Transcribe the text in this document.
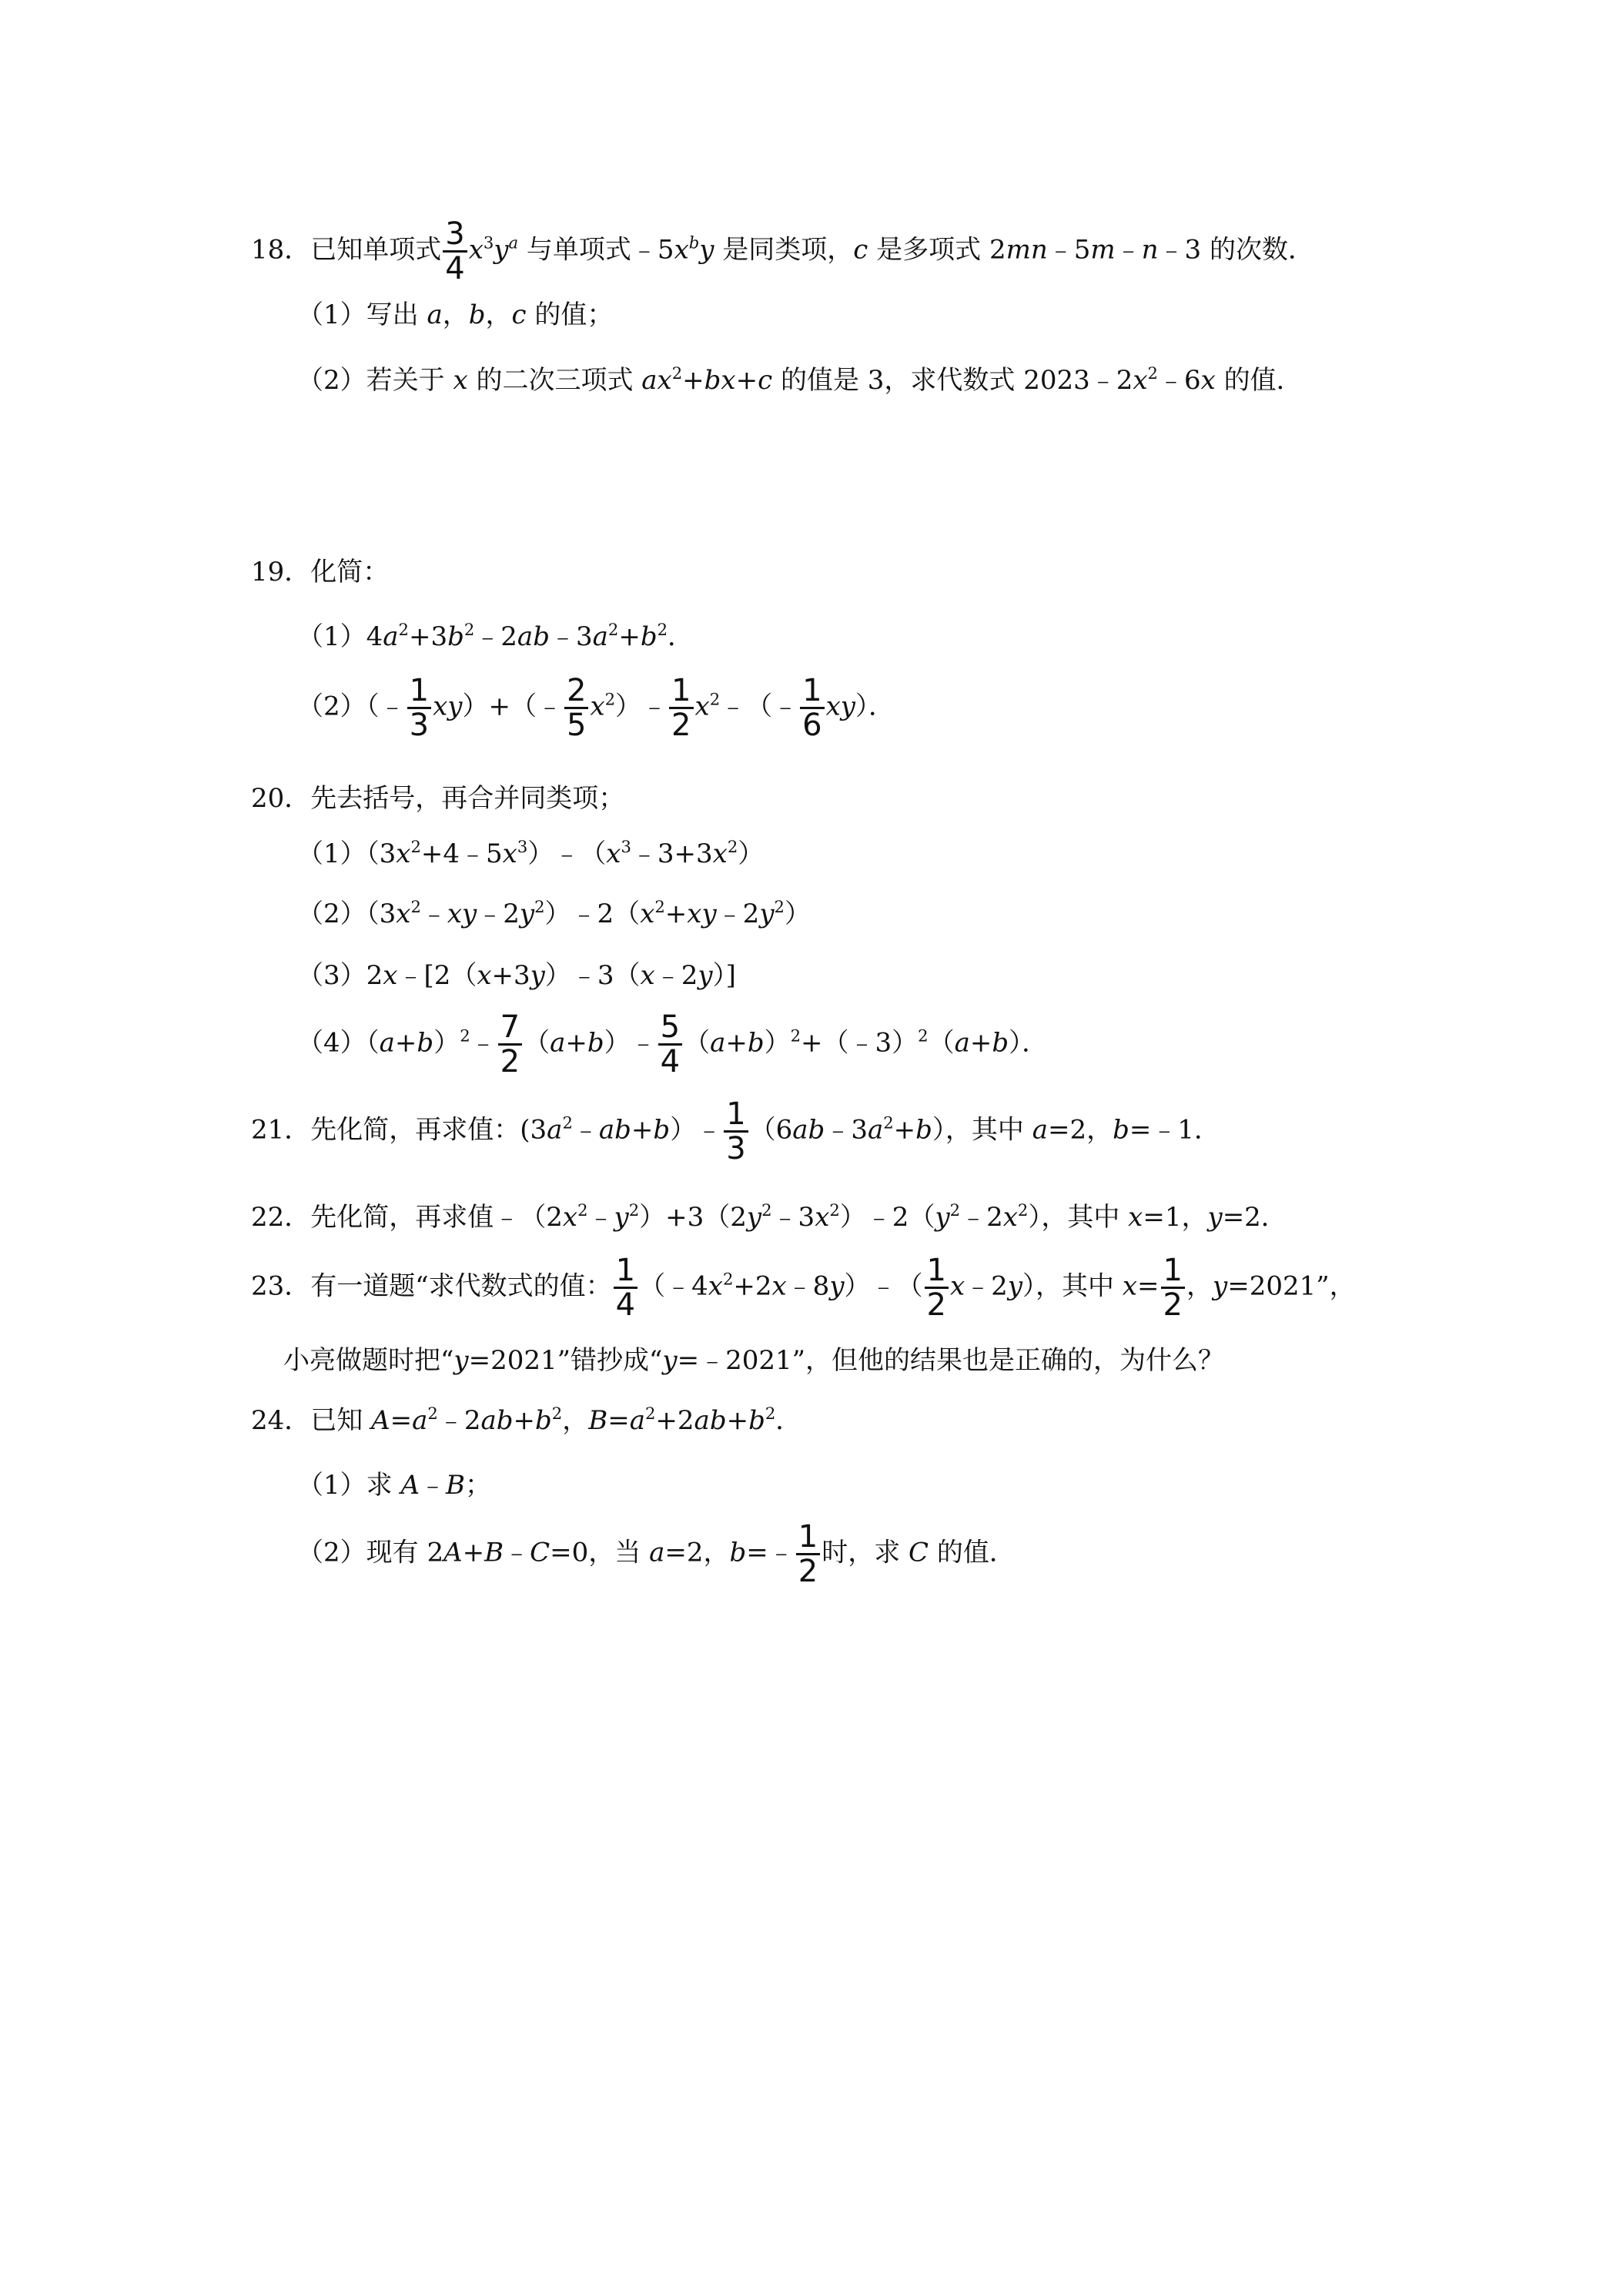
18．已知单项式 $\frac{3}{4} x^3y^a$ 与单项式$﹣5x^by$ 是同类项，c 是多项式 2mn﹣5m﹣n﹣3 的次数．
（1）写出 a，b，c 的值；
（2）若关于 x 的二次三项式 $ax^2+bx+c$ 的值是 3，求代数式 $2023﹣2x^2﹣6x$ 的值．
19．化简：
$(1)4a^2+3b^2﹣2ab﹣3a^2+b^2$．
（2）（﹣ $\frac{1}{3}$ xy）+（﹣ $\frac{2}{5}$ $x^2)﹣ \frac{1}{2}$ $x^2﹣(﹣ \frac{1}{6} xy)$．
20．先去括号，再合并同类项；
$(1)(3x^2+4﹣5x^3)﹣(x^3﹣3+3x^2)$
$(2)(3x^2﹣xy﹣2y^2)﹣2(x^2+xy﹣2y^2)$
（3）2x﹣[2（x+3y）﹣3（x﹣2y）]
$(4)(a+b)^2﹣ \frac{7}{2}$ （a+b）﹣ $\frac{5}{4}$ $(a+b)^2+(﹣3)^2(a+b)$．
21．先化简，再求值：$(3a^2﹣ab+b)﹣ \frac{1}{3}$ $(6ab﹣3a^2+b)$，其中 a=2，b=﹣1．
22．先化简，再求值$﹣(2x^2﹣y^2)+3(2y^2﹣3x^2)﹣2(y^2﹣2x^2)$，其中 x=1，y=2．
23．有一道题“求代数式的值： $\frac{1}{4}$ $(﹣4x^2+2x﹣8y)﹣( \frac{1}{2}$ x﹣2y），其中 $x= \frac{1}{2}$ ，y=2021”，
小亮做题时把“y=2021”错抄成“y=﹣2021”，但他的结果也是正确的，为什么？
24．已知 $A=a^2﹣2ab+b^2$，$B=a^2+2ab+b^2$．
（1）求 A﹣B；
（2）现有 2A+B﹣C=0，当 a=2，b=﹣ $\frac{1}{2}$ 时，求 C 的值．
